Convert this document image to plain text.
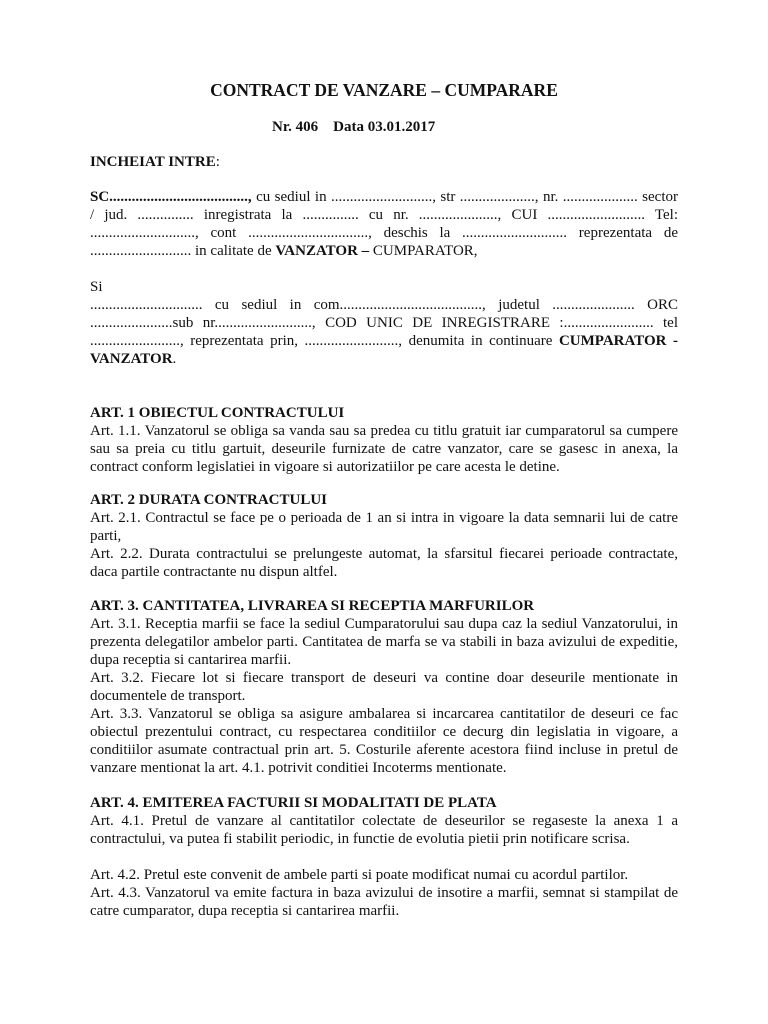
CONTRACT DE VANZARE – CUMPARARE
Nr. 406    Data 03.01.2017
INCHEIAT INTRE:
SC....................................., cu sediul in ..........................., str ...................., nr. .................... sector
/ jud. ............... inregistrata la ............... cu nr. ....................., CUI .......................... Tel:
............................, cont ................................, deschis la ............................ reprezentata de
........................... in calitate de VANZATOR – CUMPARATOR,
Si
.............................. cu sediul in com......................................, judetul ...................... ORC
......................sub nr.........................., COD UNIC DE INREGISTRARE :........................ tel
........................, reprezentata prin, ........................., denumita in continuare CUMPARATOR -
VANZATOR.
ART. 1 OBIECTUL CONTRACTULUI
Art. 1.1. Vanzatorul se obliga sa vanda sau sa predea cu titlu gratuit iar cumparatorul sa cumpere sau sa preia cu titlu gartuit, deseurile furnizate de catre vanzator, care se gasesc in anexa, la contract conform legislatiei in vigoare si autorizatiilor pe care acesta le detine.
ART. 2 DURATA CONTRACTULUI
Art. 2.1. Contractul se face pe o perioada de 1 an si intra in vigoare la data semnarii lui de catre parti,
Art. 2.2. Durata contractului se prelungeste automat, la sfarsitul fiecarei perioade contractate, daca partile contractante nu dispun altfel.
ART. 3. CANTITATEA, LIVRAREA SI RECEPTIA MARFURILOR
Art. 3.1. Receptia marfii se face la sediul Cumparatorului sau dupa caz la sediul Vanzatorului, in prezenta delegatilor ambelor parti. Cantitatea de marfa se va stabili in baza avizului de expeditie, dupa receptia si cantarirea marfii.
Art. 3.2. Fiecare lot si fiecare transport de deseuri va contine doar deseurile mentionate in documentele de transport.
Art. 3.3. Vanzatorul se obliga sa asigure ambalarea si incarcarea cantitatilor de deseuri ce fac obiectul prezentului contract, cu respectarea conditiilor ce decurg din legislatia in vigoare, a conditiilor asumate contractual prin art. 5. Costurile aferente acestora fiind incluse in pretul de vanzare mentionat la art. 4.1. potrivit conditiei Incoterms mentionate.
ART. 4. EMITEREA FACTURII SI MODALITATI DE PLATA
Art. 4.1. Pretul de vanzare al cantitatilor colectate de deseurilor se regaseste la anexa 1 a contractului, va putea fi stabilit periodic, in functie de evolutia pietii prin notificare scrisa.
Art. 4.2. Pretul este convenit de ambele parti si poate modificat numai cu acordul partilor.
Art. 4.3. Vanzatorul va emite factura in baza avizului de insotire a marfii, semnat si stampilat de catre cumparator, dupa receptia si cantarirea marfii.
